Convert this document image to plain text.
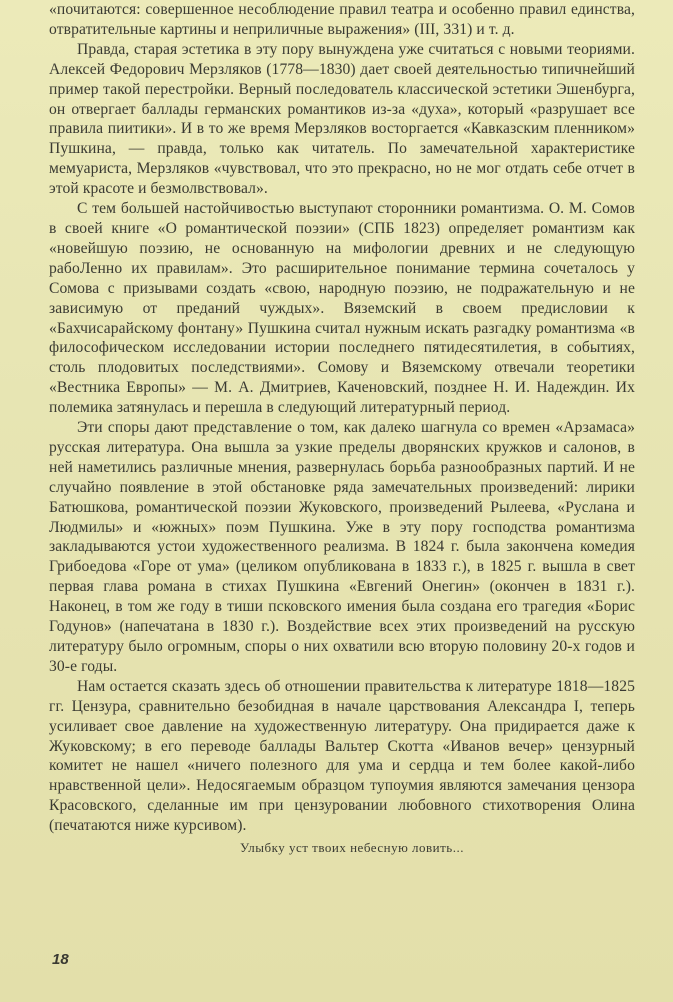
«почитаются: совершенное несоблюдение правил театра и особенно правил единства, отвратительные картины и неприличные выражения» (III, 331) и т. д.

Правда, старая эстетика в эту пору вынуждена уже считаться с новыми теориями. Алексей Федорович Мерзляков (1778—1830) дает своей деятельностью типичнейший пример такой перестройки. Верный последователь классической эстетики Эшенбурга, он отвергает баллады германских романтиков из-за «духа», который «разрушает все правила пиитики». И в то же время Мерзляков восторгается «Кавказским пленником» Пушкина, — правда, только как читатель. По замечательной характеристике мемуариста, Мерзляков «чувствовал, что это прекрасно, но не мог отдать себе отчет в этой красоте и безмолвствовал».

С тем большей настойчивостью выступают сторонники романтизма. О. М. Сомов в своей книге «О романтической поэзии» (СПБ 1823) определяет романтизм как «новейшую поэзию, не основанную на мифологии древних и не следующую рабоЛенно их правилам». Это расширительное понимание термина сочеталось у Сомова с призывами создать «свою, народную поэзию, не подражательную и не зависимую от преданий чуждых». Вяземский в своем предисловии к «Бахчисарайскому фонтану» Пушкина считал нужным искать разгадку романтизма «в философическом исследовании истории последнего пятидесятилетия, в событиях, столь плодовитых последствиями». Сомову и Вяземскому отвечали теоретики «Вестника Европы» — М. А. Дмитриев, Каченовский, позднее Н. И. Надеждин. Их полемика затянулась и перешла в следующий литературный период.

Эти споры дают представление о том, как далеко шагнула со времен «Арзамаса» русская литература. Она вышла за узкие пределы дворянских кружков и салонов, в ней наметились различные мнения, развернулась борьба разнообразных партий. И не случайно появление в этой обстановке ряда замечательных произведений: лирики Батюшкова, романтической поэзии Жуковского, произведений Рылеева, «Руслана и Людмилы» и «южных» поэм Пушкина. Уже в эту пору господства романтизма закладываются устои художественного реализма. В 1824 г. была закончена комедия Грибоедова «Горе от ума» (целиком опубликована в 1833 г.), в 1825 г. вышла в свет первая глава романа в стихах Пушкина «Евгений Онегин» (окончен в 1831 г.). Наконец, в том же году в тиши псковского имения была создана его трагедия «Борис Годунов» (напечатана в 1830 г.). Воздействие всех этих произведений на русскую литературу было огромным, споры о них охватили всю вторую половину 20-х годов и 30-е годы.

Нам остается сказать здесь об отношении правительства к литературе 1818—1825 гг. Цензура, сравнительно безобидная в начале царствования Александра I, теперь усиливает свое давление на художественную литературу. Она придирается даже к Жуковскому; в его переводе баллады Вальтер Скотта «Иванов вечер» цензурный комитет не нашел «ничего полезного для ума и сердца и тем более какой-либо нравственной цели». Недосягаемым образцом тупоумия являются замечания цензора Красовского, сделанные им при цензуровании любовного стихотворения Олина (печатаются ниже курсивом).

Улыбку уст твоих небесную ловить...
18
